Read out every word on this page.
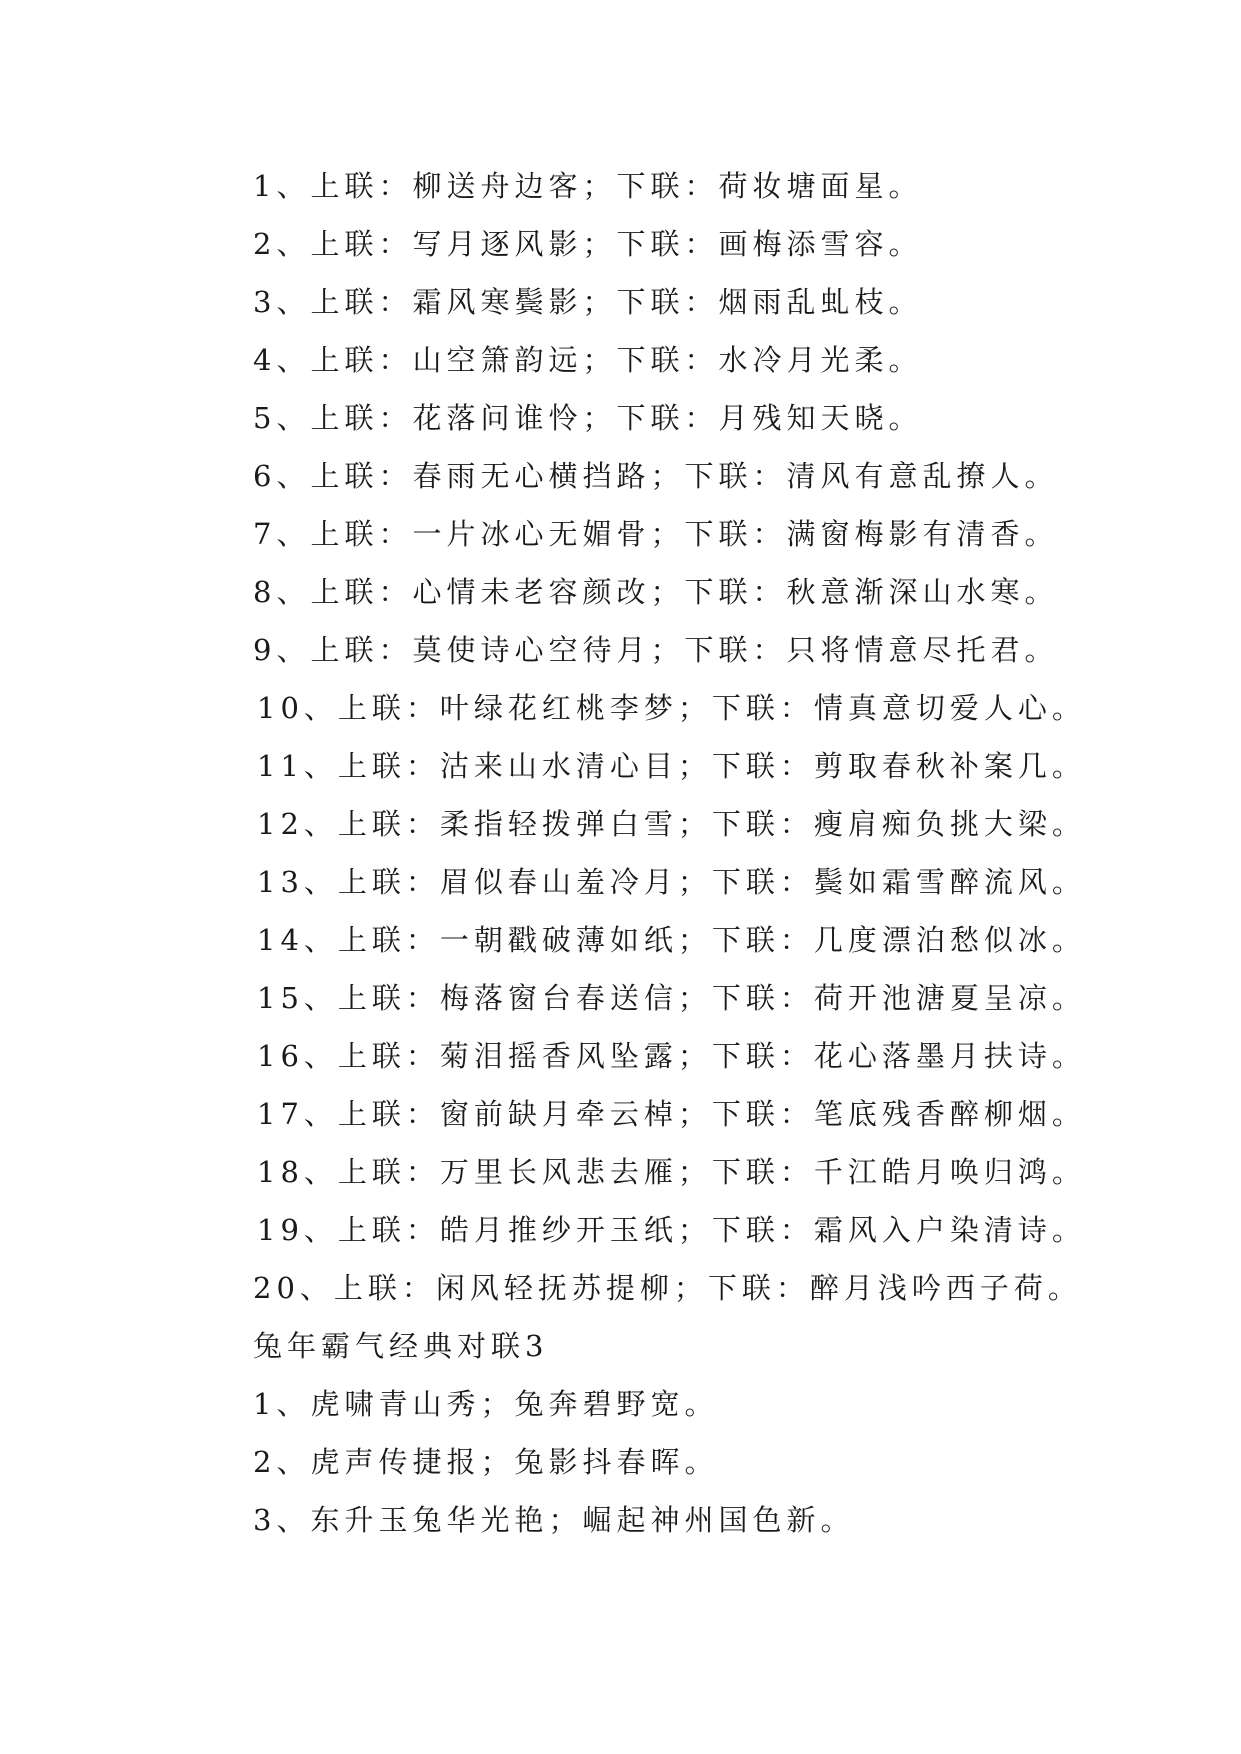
1、上联：柳送舟边客；下联：荷妆塘面星。
2、上联：写月逐风影；下联：画梅添雪容。
3、上联：霜风寒鬓影；下联：烟雨乱虬枝。
4、上联：山空箫韵远；下联：水冷月光柔。
5、上联：花落问谁怜；下联：月残知天晓。
6、上联：春雨无心横挡路；下联：清风有意乱撩人。
7、上联：一片冰心无媚骨；下联：满窗梅影有清香。
8、上联：心情未老容颜改；下联：秋意渐深山水寒。
9、上联：莫使诗心空待月；下联：只将情意尽托君。
10、上联：叶绿花红桃李梦；下联：情真意切爱人心。
11、上联：沽来山水清心目；下联：剪取春秋补案几。
12、上联：柔指轻拨弹白雪；下联：瘦肩痴负挑大梁。
13、上联：眉似春山羞冷月；下联：鬓如霜雪醉流风。
14、上联：一朝戳破薄如纸；下联：几度漂泊愁似冰。
15、上联：梅落窗台春送信；下联：荷开池溏夏呈凉。
16、上联：菊泪摇香风坠露；下联：花心落墨月扶诗。
17、上联：窗前缺月牵云棹；下联：笔底残香醉柳烟。
18、上联：万里长风悲去雁；下联：千江皓月唤归鸿。
19、上联：皓月推纱开玉纸；下联：霜风入户染清诗。
20、上联：闲风轻抚苏提柳；下联：醉月浅吟西子荷。
兔年霸气经典对联3
1、虎啸青山秀；兔奔碧野宽。
2、虎声传捷报；兔影抖春晖。
3、东升玉兔华光艳；崛起神州国色新。
